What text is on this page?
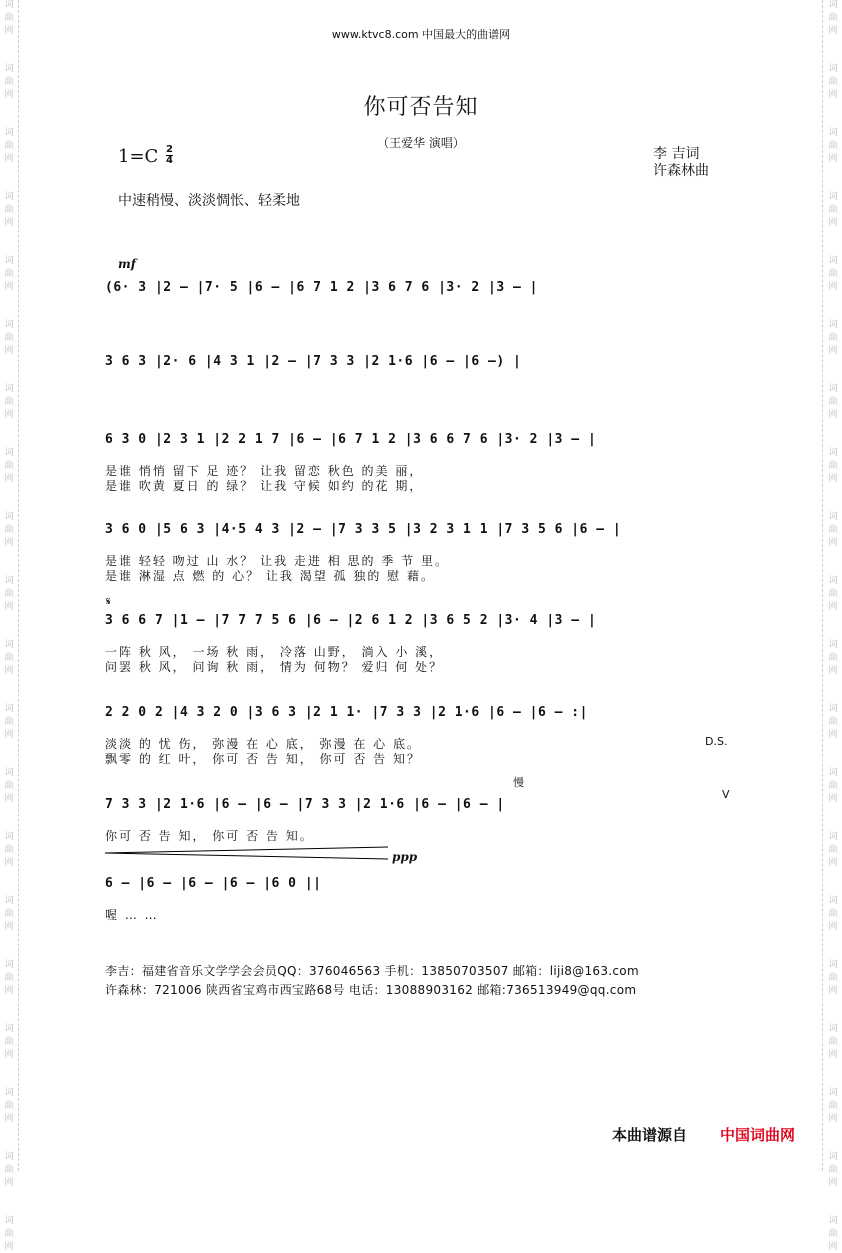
词
曲
网
词
曲
网
词
曲
网
词
曲
网
词
曲
网
词
曲
网
词
曲
网
词
曲
网
词
曲
网
词
曲
网
词
曲
网
词
曲
网
词
曲
网
词
曲
网
词
曲
网
词
曲
网
词
曲
网
词
曲
网
词
曲
网
词
曲
网
词
曲
网
词
曲
网
词
曲
网
词
曲
网
词
曲
网
词
曲
网
词
曲
网
词
曲
网
词
曲
网
词
曲
网
词
曲
网
词
曲
网
词
曲
网
词
曲
网
词
曲
网
词
曲
网
词
曲
网
词
曲
网
词
曲
网
词
曲
网
www.ktvc8.com 中国最大的曲谱网
你可否告知
（王爱华 演唱）
$1=C \frac{2}{4}$	李 吉词
许森林曲
中速稍慢、淡淡惆怅、轻柔地
mf
𝄋
D.S.
慢
V
ppp
(6· 3 |2 – |7· 5 |6 – |6 7 1 2 |3 6 7 6 |3· 2 |3 – |
3 6 3 |2· 6 |4 3 1 |2 – |7 3 3 |2 1·6 |6 – |6 –) |
6 3 0 |2 3 1 |2 2 1 7 |6 – |6 7 1 2 |3 6 6 7 6 |3· 2 |3 – |
是谁 悄悄 留下 足 迹？ 让我 留恋 秋色 的美 丽，
是谁 吹黄 夏日 的 绿？ 让我 守候 如约 的花 期，
3 6 0 |5 6 3 |4·5 4 3 |2 – |7 3 3 5 |3 2 3 1 1 |7 3 5 6 |6 – |
是谁 轻轻 吻过 山 水？ 让我 走进 相 思的 季 节 里。
是谁 淋湿 点 燃 的 心？ 让我 渴望 孤 独的 慰 藉。
3 6 6 7 |1 – |7 7 7 5 6 |6 – |2 6 1 2 |3 6 5 2 |3· 4 |3 – |
一阵 秋 风， 一场 秋 雨， 冷落 山野， 淌入 小 溪，
问罢 秋 风， 问询 秋 雨， 情为 何物？ 爱归 何 处？
2 2 0 2 |4 3 2 0 |3 6 3 |2 1 1· |7 3 3 |2 1·6 |6 – |6 – :|
淡淡 的 忧 伤， 弥漫 在 心 底， 弥漫 在 心 底。
飘零 的 红 叶， 你可 否 告 知， 你可 否 告 知？
7 3 3 |2 1·6 |6 – |6 – |7 3 3 |2 1·6 |6 – |6 – |
你可 否 告 知， 你可 否 告 知。
6 – |6 – |6 – |6 – |6 0 ||
喔 … …
李吉：福建省音乐文学学会会员QQ：376046563 手机：13850703507 邮箱：liji8@163.com
许森林：721006 陕西省宝鸡市西宝路68号 电话：13088903162 邮箱:736513949@qq.com
本曲谱源自 中国词曲网
